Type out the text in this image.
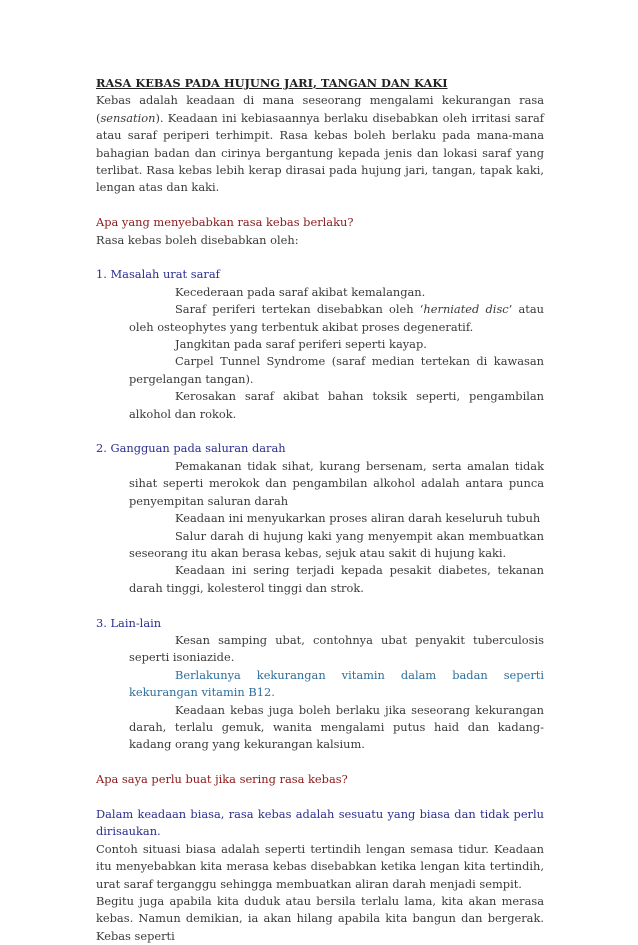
RASA KEBAS PADA HUJUNG JARI, TANGAN DAN KAKI

Kebas adalah keadaan di mana seseorang mengalami kekurangan rasa (sensation). Keadaan ini kebiasaannya berlaku disebabkan oleh irritasi saraf atau saraf periperi terhimpit. Rasa kebas boleh berlaku pada mana-mana bahagian badan dan cirinya bergantung kepada jenis dan lokasi saraf yang terlibat. Rasa kebas lebih kerap dirasai pada hujung jari, tangan, tapak kaki, lengan atas dan kaki.

Apa yang menyebabkan rasa kebas berlaku?

Rasa kebas boleh disebabkan oleh:

1. Masalah urat saraf

Kecederaan pada saraf akibat kemalangan.

Saraf periferi tertekan disebabkan oleh ‘herniated disc’ atau oleh osteophytes yang terbentuk akibat proses degeneratif.

Jangkitan pada saraf periferi seperti kayap.

Carpel Tunnel Syndrome (saraf median tertekan di kawasan pergelangan tangan).

Kerosakan saraf akibat bahan toksik seperti, pengambilan alkohol dan rokok.

2. Gangguan pada saluran darah

Pemakanan tidak sihat, kurang bersenam, serta amalan tidak sihat seperti merokok dan pengambilan alkohol adalah antara punca penyempitan saluran darah

Keadaan ini menyukarkan proses aliran darah keseluruh tubuh

Salur darah di hujung kaki yang menyempit akan membuatkan seseorang itu akan berasa kebas, sejuk atau sakit di hujung kaki.

Keadaan ini sering terjadi kepada pesakit diabetes, tekanan darah tinggi, kolesterol tinggi dan strok.

3. Lain-lain

Kesan samping ubat, contohnya ubat penyakit tuberculosis seperti isoniazide.

Berlakunya kekurangan vitamin dalam badan seperti kekurangan vitamin B12.

Keadaan kebas juga boleh berlaku jika seseorang kekurangan darah, terlalu gemuk, wanita mengalami putus haid dan kadang-kadang orang yang kekurangan kalsium.

Apa saya perlu buat jika sering rasa kebas?

Dalam keadaan biasa, rasa kebas adalah sesuatu yang biasa dan tidak perlu dirisaukan.

Contoh situasi biasa adalah seperti tertindih lengan semasa tidur. Keadaan itu menyebabkan kita merasa kebas disebabkan ketika lengan kita tertindih, urat saraf terganggu sehingga membuatkan aliran darah menjadi sempit.

Begitu juga apabila kita duduk atau bersila terlalu lama, kita akan merasa kebas. Namun demikian, ia akan hilang apabila kita bangun dan bergerak. Kebas seperti
